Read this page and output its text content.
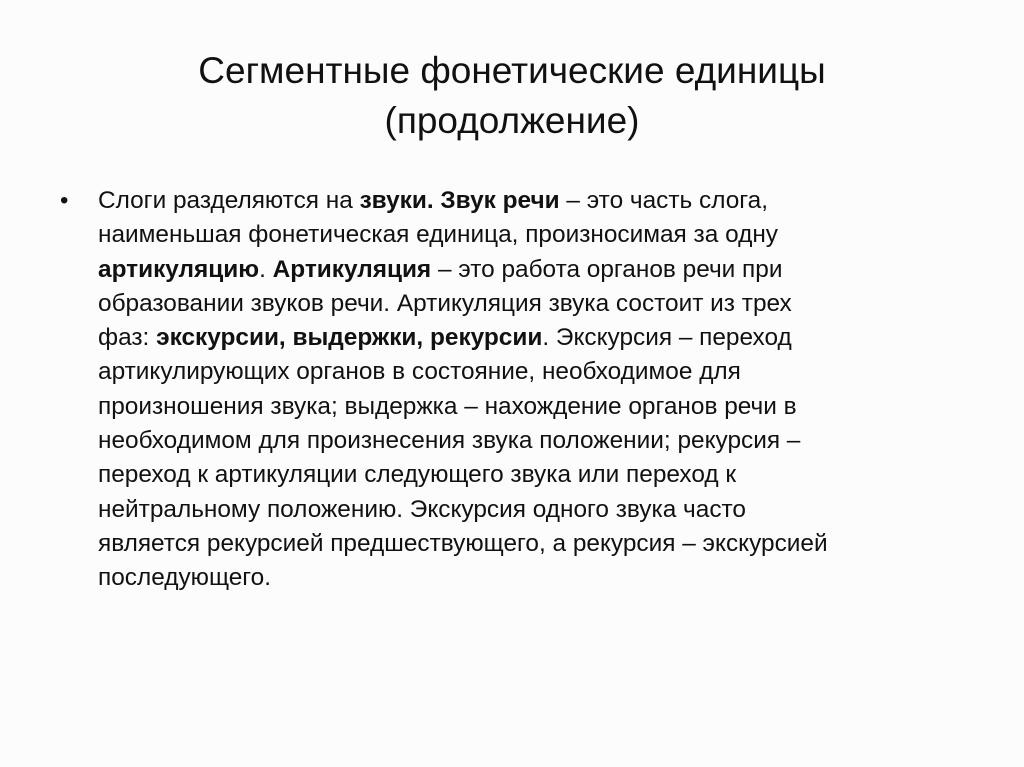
Сегментные фонетические единицы
(продолжение)
• Слоги разделяются на звуки. Звук речи – это часть слога,
наименьшая фонетическая единица, произносимая за одну
артикуляцию. Артикуляция – это работа органов речи при
образовании звуков речи. Артикуляция звука состоит из трех
фаз: экскурсии, выдержки, рекурсии. Экскурсия – переход
артикулирующих органов в состояние, необходимое для
произношения звука; выдержка – нахождение органов речи в
необходимом для произнесения звука положении; рекурсия –
переход к артикуляции следующего звука или переход к
нейтральному положению. Экскурсия одного звука часто
является рекурсией предшествующего, а рекурсия – экскурсией
последующего.
